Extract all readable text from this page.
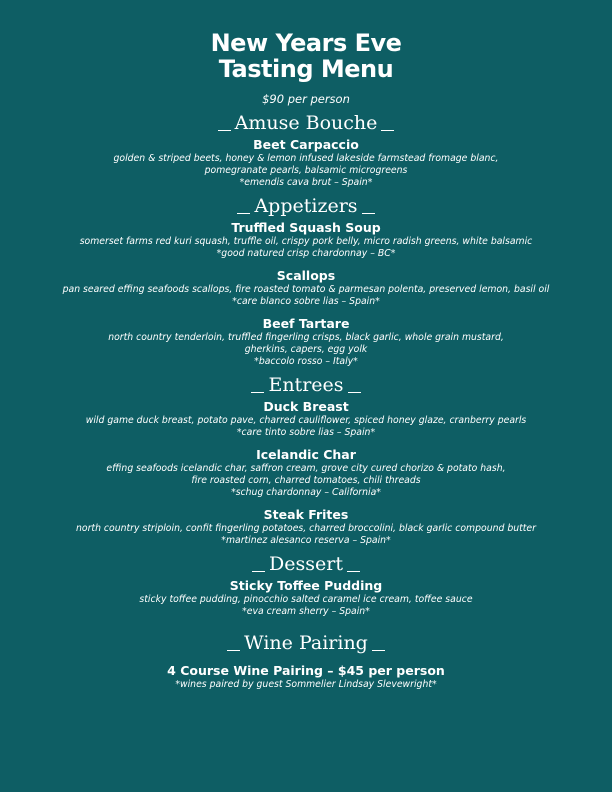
New Years Eve
Tasting Menu
$90 per person
Amuse Bouche
Beet Carpaccio
golden & striped beets, honey & lemon infused lakeside farmstead fromage blanc,
pomegranate pearls, balsamic microgreens
*emendis cava brut – Spain*
Appetizers
Truffled Squash Soup
somerset farms red kuri squash, truffle oil, crispy pork belly, micro radish greens, white balsamic
*good natured crisp chardonnay – BC*
Scallops
pan seared effing seafoods scallops, fire roasted tomato & parmesan polenta, preserved lemon, basil oil
*care blanco sobre lias – Spain*
Beef Tartare
north country tenderloin, truffled fingerling crisps, black garlic, whole grain mustard,
gherkins, capers, egg yolk
*baccolo rosso – Italy*
Entrees
Duck Breast
wild game duck breast, potato pave, charred cauliflower, spiced honey glaze, cranberry pearls
*care tinto sobre lias – Spain*
Icelandic Char
effing seafoods icelandic char, saffron cream, grove city cured chorizo & potato hash,
fire roasted corn, charred tomatoes, chili threads
*schug chardonnay – California*
Steak Frites
north country striploin, confit fingerling potatoes, charred broccolini, black garlic compound butter
*martinez alesanco reserva – Spain*
Dessert
Sticky Toffee Pudding
sticky toffee pudding, pinocchio salted caramel ice cream, toffee sauce
*eva cream sherry – Spain*
Wine Pairing
4 Course Wine Pairing – $45 per person
*wines paired by guest Sommelier Lindsay Slevewright*
